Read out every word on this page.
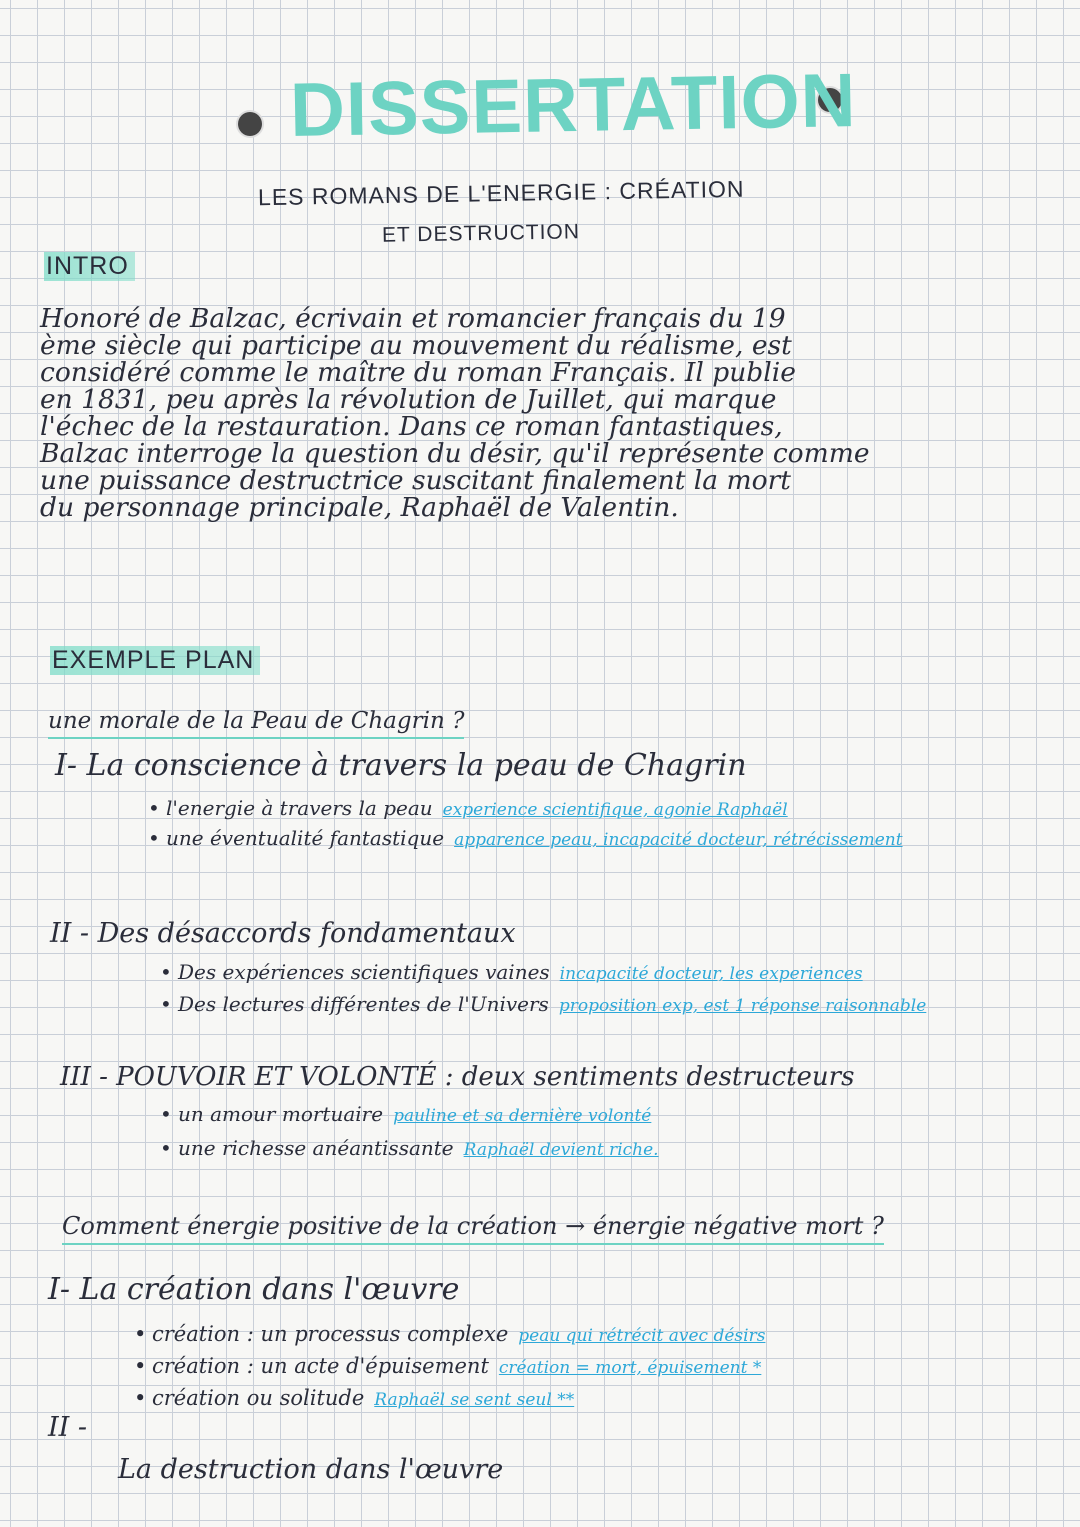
DISSERTATION
LES ROMANS DE L'ENERGIE : CRÉATION
ET DESTRUCTION
INTRO
Honoré de Balzac, écrivain et romancier français du 19
ème siècle qui participe au mouvement du réalisme, est
considéré comme le maître du roman Français. Il publie
en 1831, peu après la révolution de Juillet, qui marque
l'échec de la restauration. Dans ce roman fantastiques,
Balzac interroge la question du désir, qu'il représente comme
une puissance destructrice suscitant finalement la mort
du personnage principale, Raphaël de Valentin.
EXEMPLE PLAN
une morale de la Peau de Chagrin ?
I- La conscience à travers la peau de Chagrin
• l'energie à travers la peau experience scientifique, agonie Raphaël
• une éventualité fantastique apparence peau, incapacité docteur, rétrécissement
II - Des désaccords fondamentaux
• Des expériences scientifiques vaines incapacité docteur, les experiences
• Des lectures différentes de l'Univers proposition exp, est 1 réponse raisonnable
III - POUVOIR ET VOLONTÉ : deux sentiments destructeurs
• un amour mortuaire pauline et sa dernière volonté
• une richesse anéantissante Raphaël devient riche.
Comment énergie positive de la création → énergie négative mort ?
I- La création dans l'œuvre
• création : un processus complexe peau qui rétrécit avec désirs
• création : un acte d'épuisement création = mort, épuisement *
• création ou solitude Raphaël se sent seul **
II -
La destruction dans l'œuvre
